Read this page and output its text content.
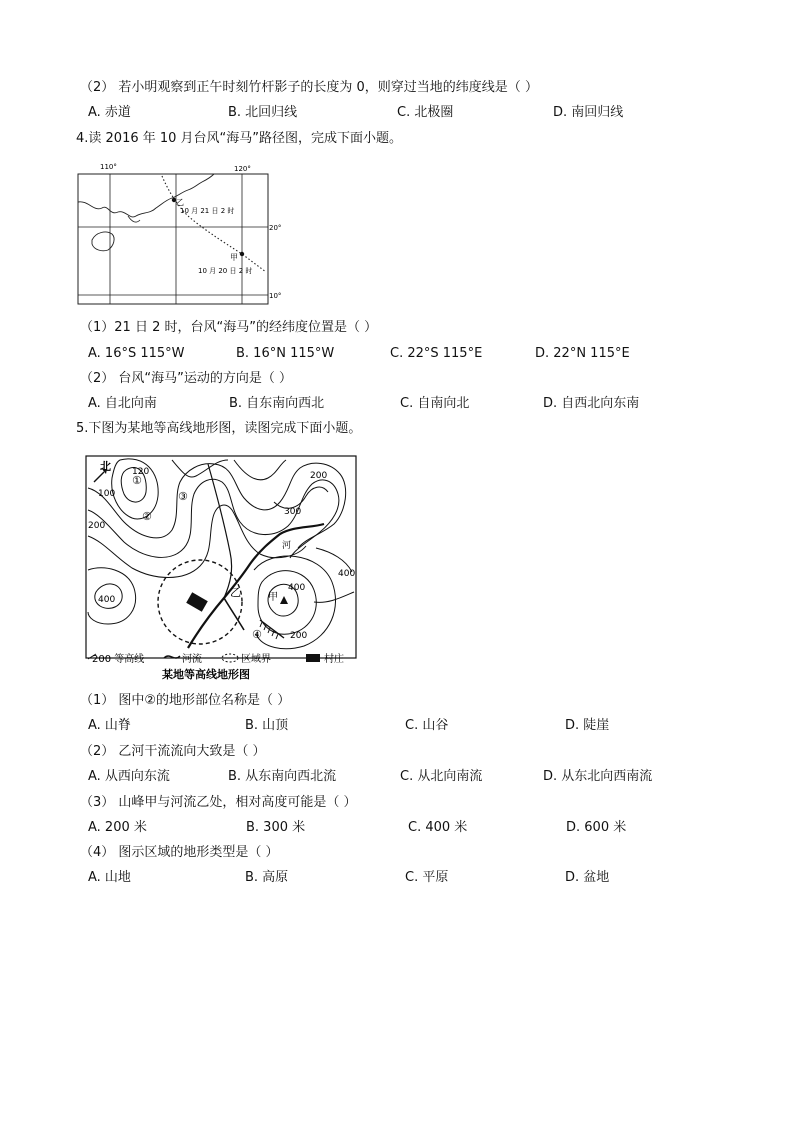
（2） 若小明观察到正午时刻竹杆影子的长度为 0，则穿过当地的纬度线是（ ）
A. 赤道	B. 北回归线	C. 北极圈	D. 南回归线
4.读 2016 年 10 月台风“海马”路径图，完成下面小题。
110°	120°
20°
10°
乙
10 月 21 日 2 时
甲
10 月 20 日 2 时
（1）21 日 2 时，台风“海马”的经纬度位置是（ ）
A. 16°S 115°W	B. 16°N 115°W	C. 22°S 115°E	D. 22°N 115°E
（2） 台风“海马”运动的方向是（ ）
A. 自北向南	B. 自东南向西北	C. 自南向北	D. 自西北向东南
5.下图为某地等高线地形图，读图完成下面小题。
北 120
100
200
300
200
400
400
400
200
①
②
③
④
河
乙	甲
200 等高线	河流	区域界	村庄
某地等高线地形图
（1） 图中②的地形部位名称是（ ）
A. 山脊	B. 山顶	C. 山谷	D. 陡崖
（2） 乙河干流流向大致是（ ）
A. 从西向东流	B. 从东南向西北流	C. 从北向南流	D. 从东北向西南流
（3） 山峰甲与河流乙处，相对高度可能是（ ）
A. 200 米	B. 300 米	C. 400 米	D. 600 米
（4） 图示区域的地形类型是（ ）
A. 山地	B. 高原	C. 平原	D. 盆地
